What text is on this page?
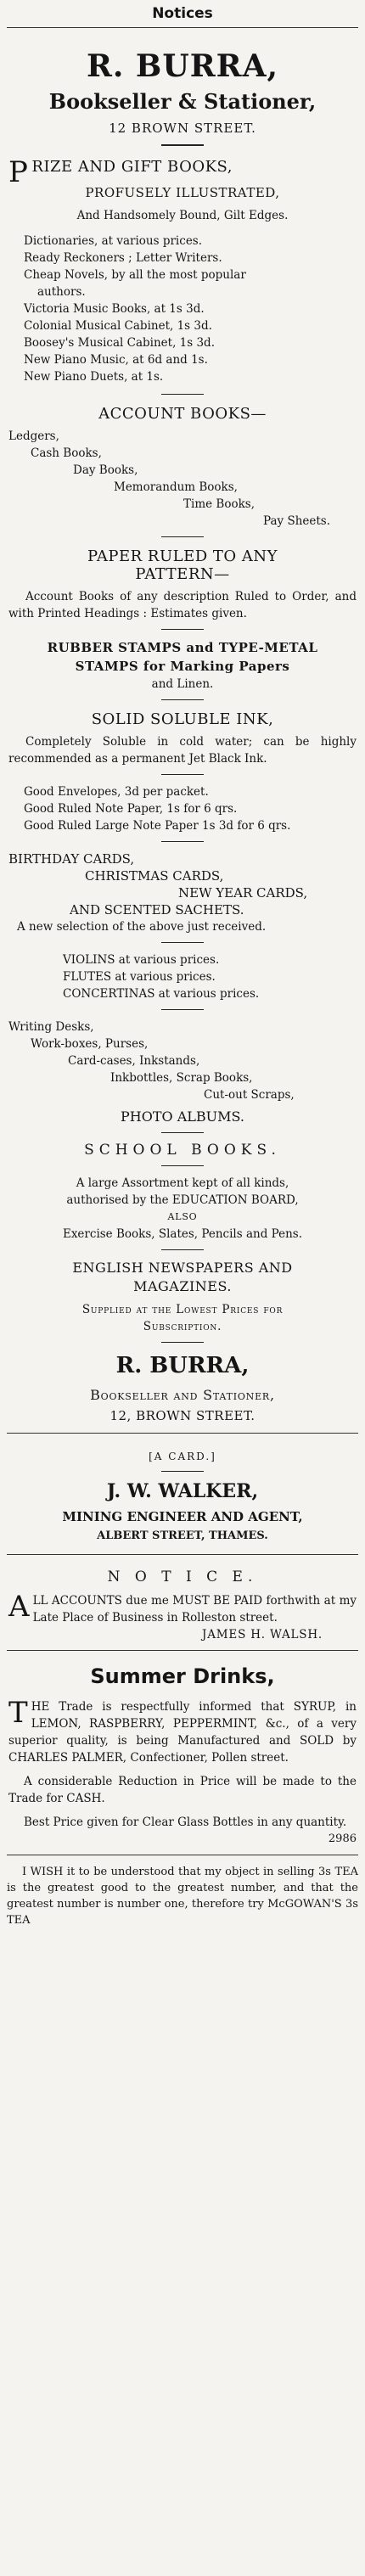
Notices
R. BURRA,
Bookseller & Stationer,
12 BROWN STREET.
P RIZE AND GIFT BOOKS,
PROFUSELY ILLUSTRATED,

And Handsomely Bound, Gilt Edges.

Dictionaries, at various prices.

Ready Reckoners ; Letter Writers.

Cheap Novels, by all the most popular

authors.

Victoria Music Books, at 1s 3d.

Colonial Musical Cabinet, 1s 3d.

Boosey's Musical Cabinet, 1s 3d.

New Piano Music, at 6d and 1s.

New Piano Duets, at 1s.

ACCOUNT BOOKS—

Ledgers,

Cash Books,

Day Books,

Memorandum Books,

Time Books,

Pay Sheets.

PAPER RULED TO ANY
PATTERN—

Account Books of any description Ruled to Order, and with Printed Headings : Estimates given.

RUBBER STAMPS and TYPE-METAL
STAMPS for Marking Papers

and Linen.

SOLID SOLUBLE INK,

Completely Soluble in cold water; can be highly recommended as a permanent Jet Black Ink.

Good Envelopes, 3d per packet.

Good Ruled Note Paper, 1s for 6 qrs.

Good Ruled Large Note Paper 1s 3d for 6 qrs.

BIRTHDAY CARDS,

CHRISTMAS CARDS,

NEW YEAR CARDS,

AND SCENTED SACHETS.

A new selection of the above just received.

VIOLINS at various prices.

FLUTES at various prices.

CONCERTINAS at various prices.

Writing Desks,

Work-boxes, Purses,

Card-cases, Inkstands,

Inkbottles, Scrap Books,

Cut-out Scraps,

PHOTO ALBUMS.

SCHOOL BOOKS.

A large Assortment kept of all kinds,

authorised by the EDUCATION BOARD,

ALSO

Exercise Books, Slates, Pencils and Pens.

ENGLISH NEWSPAPERS AND
MAGAZINES.

Supplied at the Lowest Prices for

Subscription.

R. BURRA,

Bookseller and Stationer,

12, BROWN STREET.

[A CARD.]
J. W. WALKER,
MINING ENGINEER AND AGENT,
ALBERT STREET, THAMES.
N O T I C E.

A LL ACCOUNTS due me MUST BE PAID forthwith at my Late Place of Business in Rolleston street.

JAMES H. WALSH.

Summer Drinks,

T HE Trade is respectfully informed that SYRUP, in LEMON, RASPBERRY, PEPPERMINT, &c., of a very superior quality, is being Manufactured and SOLD by CHARLES PALMER, Confectioner, Pollen street.

A considerable Reduction in Price will be made to the Trade for CASH.

Best Price given for Clear Glass Bottles in any quantity.

2986

I WISH it to be understood that my object in selling 3s TEA is the greatest good to the greatest number, and that the greatest number is number one, therefore try McGOWAN'S 3s TEA
